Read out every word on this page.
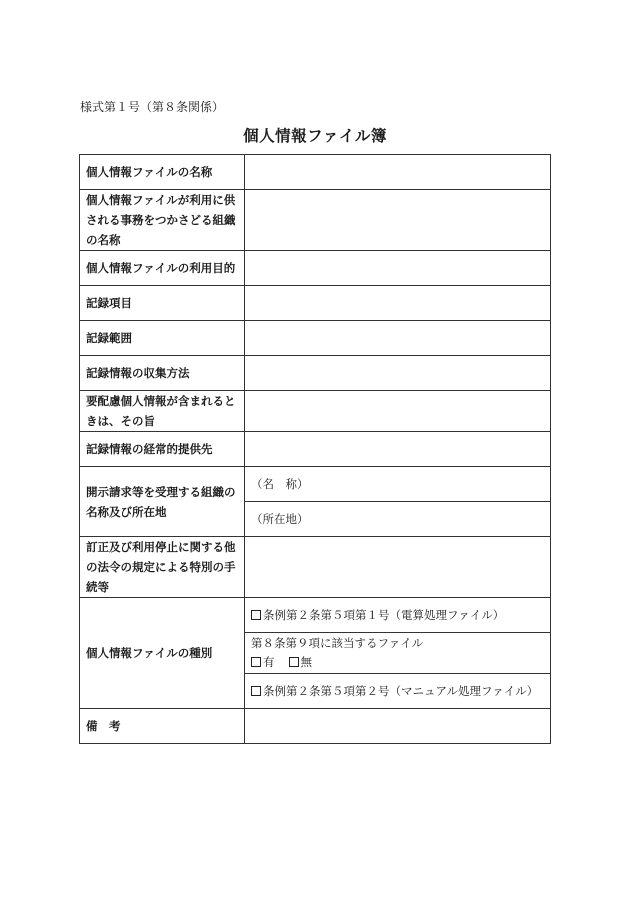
様式第１号（第８条関係）
個人情報ファイル簿
個人情報ファイルの名称	
個人情報ファイルが利用に供される事務をつかさどる組織の名称	
個人情報ファイルの利用目的	
記録項目	
記録範囲	
記録情報の収集方法	
要配慮個人情報が含まれるときは、その旨	
記録情報の経常的提供先	
開示請求等を受理する組織の名称及び所在地	（名　称）
	（所在地）
訂正及び利用停止に関する他の法令の規定による特別の手続等	
個人情報ファイルの種別	条例第２条第５項第１号（電算処理ファイル）

	第８条第９項に該当するファイル
有 無

	条例第２条第５項第２号（マニュアル処理ファイル）
備　考	
